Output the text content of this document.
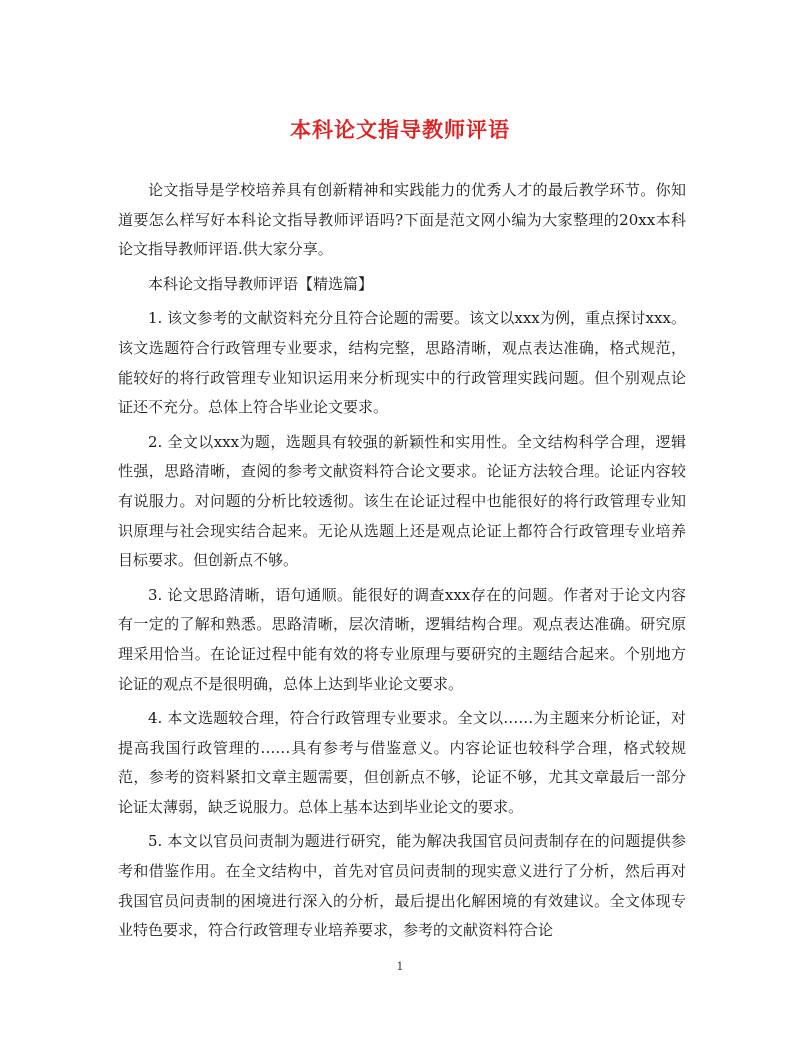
本科论文指导教师评语

论文指导是学校培养具有创新精神和实践能力的优秀人才的最后教学环节。你知道要怎么样写好本科论文指导教师评语吗?下面是范文网小编为大家整理的20xx本科论文指导教师评语.供大家分享。

本科论文指导教师评语【精选篇】

1. 该文参考的文献资料充分且符合论题的需要。该文以xxx为例，重点探讨xxx。该文选题符合行政管理专业要求，结构完整，思路清晰，观点表达准确，格式规范，能较好的将行政管理专业知识运用来分析现实中的行政管理实践问题。但个别观点论证还不充分。总体上符合毕业论文要求。

2. 全文以xxx为题，选题具有较强的新颖性和实用性。全文结构科学合理，逻辑性强，思路清晰，查阅的参考文献资料符合论文要求。论证方法较合理。论证内容较有说服力。对问题的分析比较透彻。该生在论证过程中也能很好的将行政管理专业知识原理与社会现实结合起来。无论从选题上还是观点论证上都符合行政管理专业培养目标要求。但创新点不够。

3. 论文思路清晰，语句通顺。能很好的调查xxx存在的问题。作者对于论文内容有一定的了解和熟悉。思路清晰，层次清晰，逻辑结构合理。观点表达准确。研究原理采用恰当。在论证过程中能有效的将专业原理与要研究的主题结合起来。个别地方论证的观点不是很明确，总体上达到毕业论文要求。

4. 本文选题较合理，符合行政管理专业要求。全文以……为主题来分析论证，对提高我国行政管理的……具有参考与借鉴意义。内容论证也较科学合理，格式较规范，参考的资料紧扣文章主题需要，但创新点不够，论证不够，尤其文章最后一部分论证太薄弱，缺乏说服力。总体上基本达到毕业论文的要求。

5. 本文以官员问责制为题进行研究，能为解决我国官员问责制存在的问题提供参考和借鉴作用。在全文结构中，首先对官员问责制的现实意义进行了分析，然后再对我国官员问责制的困境进行深入的分析，最后提出化解困境的有效建议。全文体现专业特色要求，符合行政管理专业培养要求，参考的文献资料符合论

1
